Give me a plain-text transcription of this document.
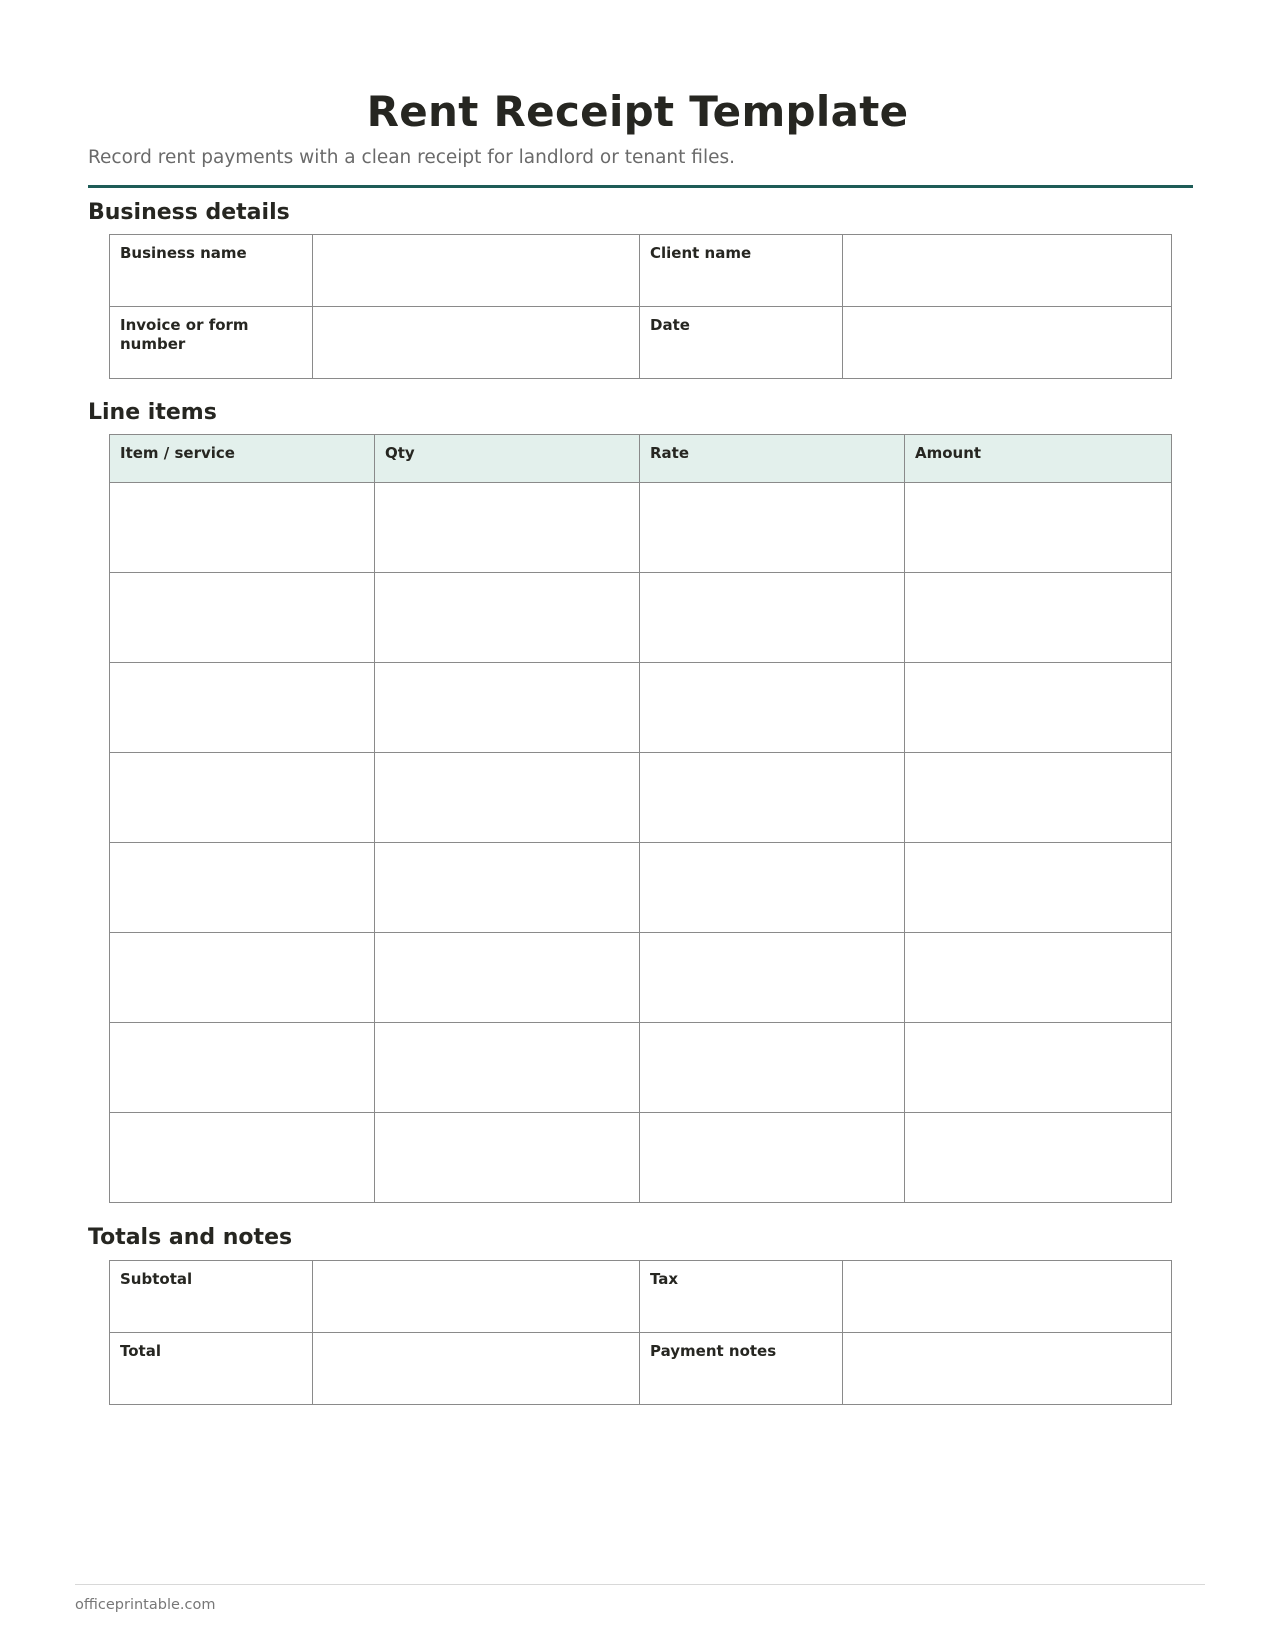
Rent Receipt Template

Record rent payments with a clean receipt for landlord or tenant files.

Business details
Business name		Client name	
Invoice or form number		Date	
Line items
Item / service	Qty	Rate	Amount

Totals and notes
Subtotal		Tax	
Total		Payment notes	
officeprintable.com
